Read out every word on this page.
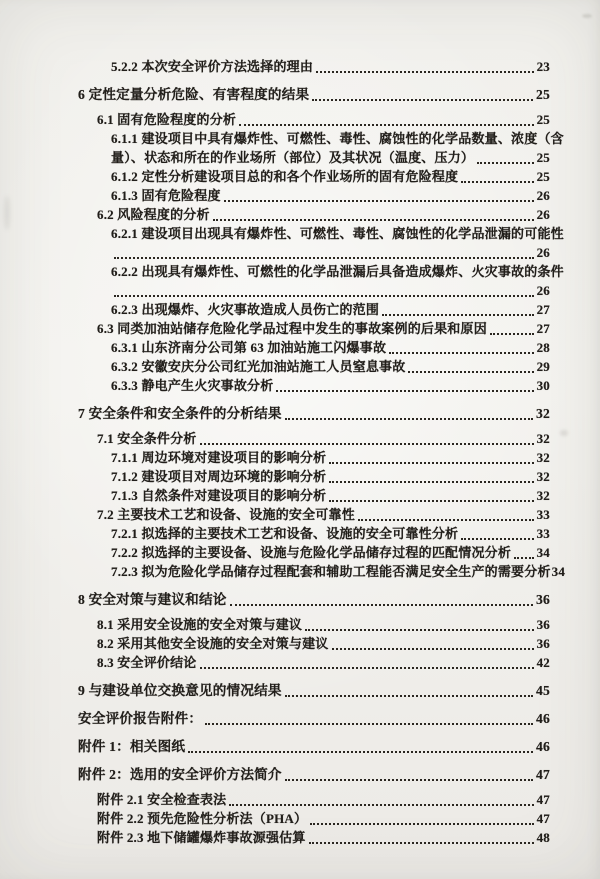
5.2.2 本次安全评价方法选择的理由	23
6 定性定量分析危险、有害程度的结果	25
6.1 固有危险程度的分析	25
6.1.1 建设项目中具有爆炸性、可燃性、毒性、腐蚀性的化学品数量、浓度（含
量）、状态和所在的作业场所（部位）及其状况（温度、压力）	25
6.1.2 定性分析建设项目总的和各个作业场所的固有危险程度	25
6.1.3 固有危险程度	26
6.2 风险程度的分析	26
6.2.1 建设项目出现具有爆炸性、可燃性、毒性、腐蚀性的化学品泄漏的可能性
26
6.2.2 出现具有爆炸性、可燃性的化学品泄漏后具备造成爆炸、火灾事故的条件
26
6.2.3 出现爆炸、火灾事故造成人员伤亡的范围	27
6.3 同类加油站储存危险化学品过程中发生的事故案例的后果和原因	27
6.3.1 山东济南分公司第 63 加油站施工闪爆事故	28
6.3.2 安徽安庆分公司红光加油站施工人员窒息事故	29
6.3.3 静电产生火灾事故分析	30
7 安全条件和安全条件的分析结果	32
7.1 安全条件分析	32
7.1.1 周边环境对建设项目的影响分析	32
7.1.2 建设项目对周边环境的影响分析	32
7.1.3 自然条件对建设项目的影响分析	32
7.2 主要技术工艺和设备、设施的安全可靠性	33
7.2.1 拟选择的主要技术工艺和设备、设施的安全可靠性分析	33
7.2.2 拟选择的主要设备、设施与危险化学品储存过程的匹配情况分析 34
7.2.3 拟为危险化学品储存过程配套和辅助工程能否满足安全生产的需要分析 34
8 安全对策与建议和结论	36
8.1 采用安全设施的安全对策与建议	36
8.2 采用其他安全设施的安全对策与建议	36
8.3 安全评价结论	42
9 与建设单位交换意见的情况结果	45
安全评价报告附件：	46
附件 1：相关图纸	46
附件 2：选用的安全评价方法简介	47
附件 2.1 安全检查表法	47
附件 2.2 预先危险性分析法（PHA）	47
附件 2.3 地下储罐爆炸事故源强估算	48
